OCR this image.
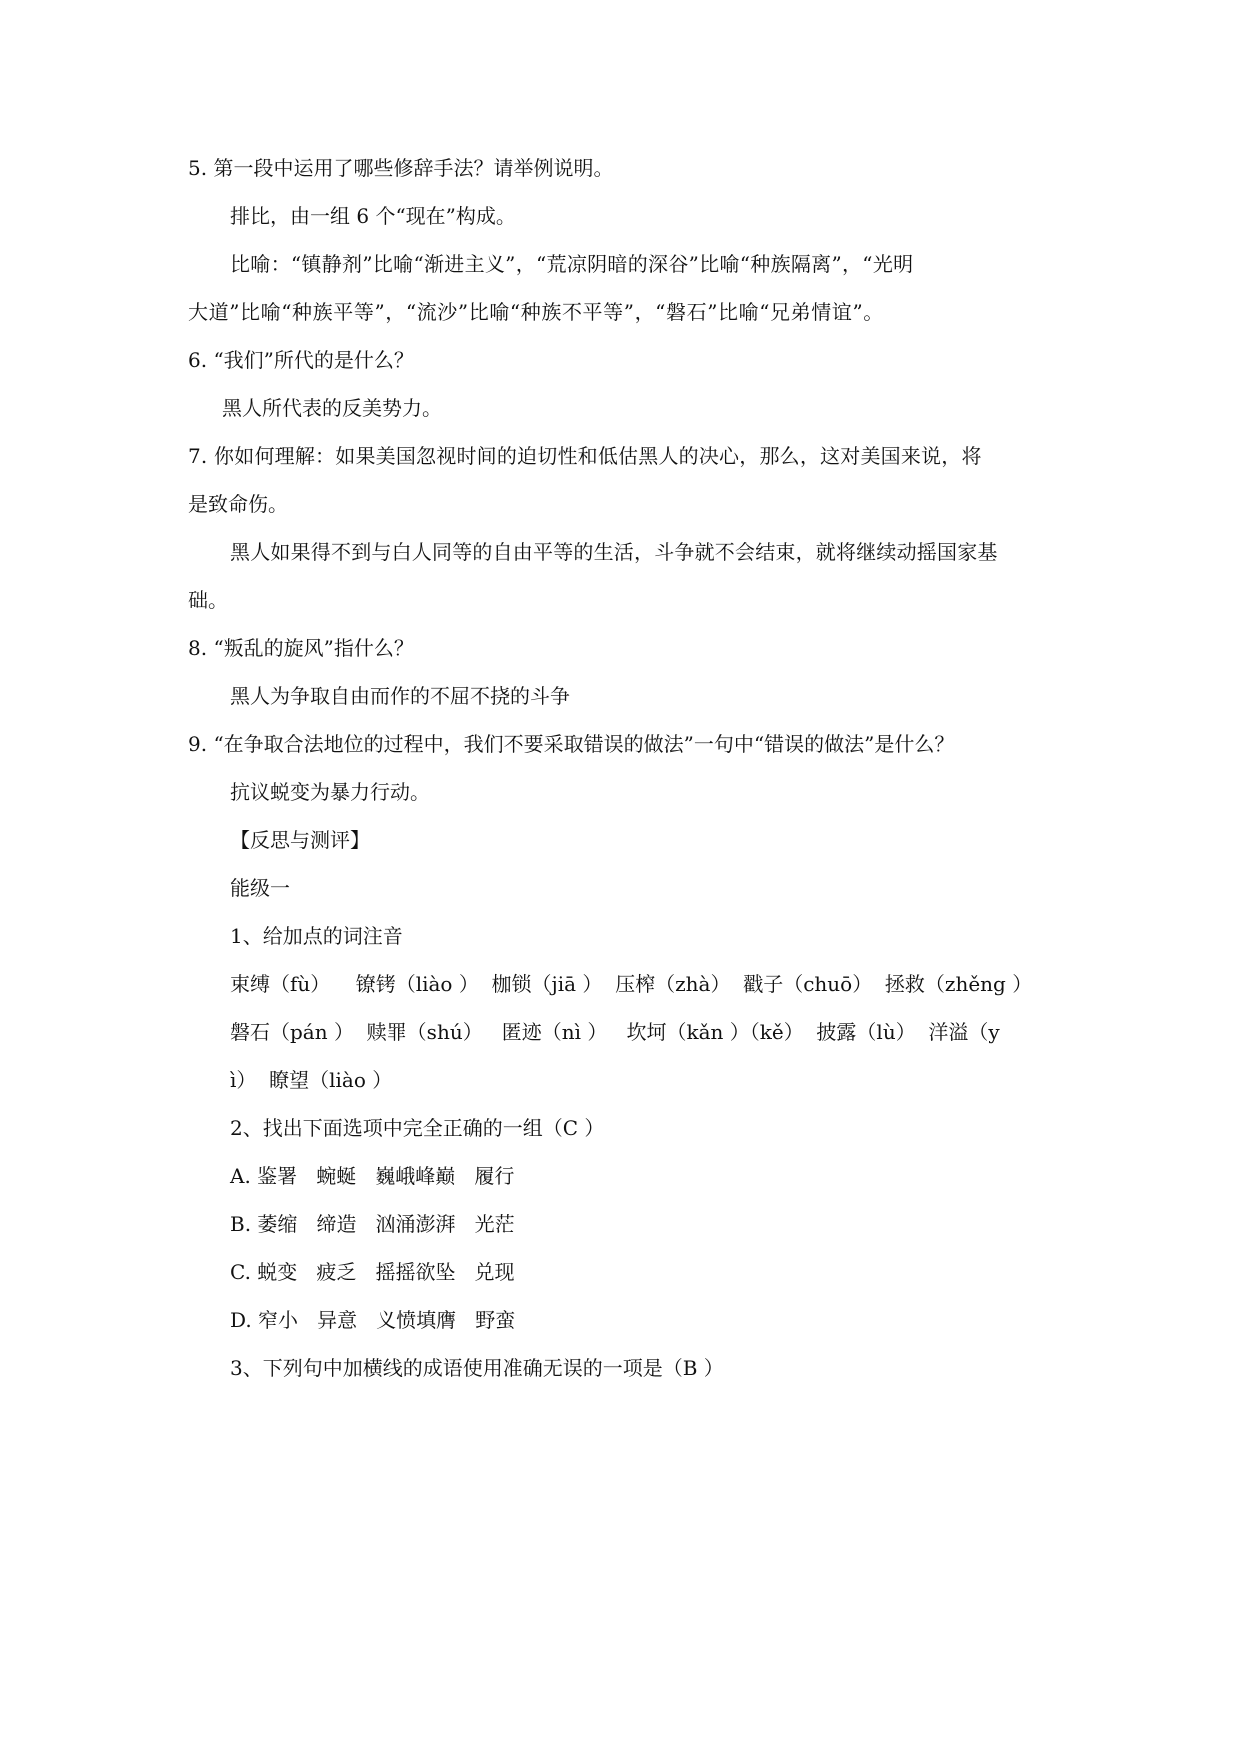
5. 第一段中运用了哪些修辞手法？请举例说明。
排比，由一组 6 个“现在”构成。
比喻：“镇静剂”比喻“渐进主义”，“荒凉阴暗的深谷”比喻“种族隔离”，“光明
大道”比喻“种族平等”，“流沙”比喻“种族不平等”，“磐石”比喻“兄弟情谊”。
6. “我们”所代的是什么？
黑人所代表的反美势力。
7. 你如何理解：如果美国忽视时间的迫切性和低估黑人的决心，那么，这对美国来说，将
是致命伤。
黑人如果得不到与白人同等的自由平等的生活，斗争就不会结束，就将继续动摇国家基
础。
8. “叛乱的旋风”指什么？
黑人为争取自由而作的不屈不挠的斗争
9. “在争取合法地位的过程中，我们不要采取错误的做法”一句中“错误的做法”是什么？
抗议蜕变为暴力行动。
【反思与测评】
能级一
1、给加点的词注音
束缚（fù）    镣铐（liào ）  枷锁（jiā ）  压榨（zhà）  戳子（chuō）  拯救（zhěng ）
磐石（pán ）  赎罪（shú）   匿迹（nì ）   坎坷（kǎn ）（kě）  披露（lù）  洋溢（y
ì）  瞭望（liào ）
2、找出下面选项中完全正确的一组（C ）
A. 鉴署   蜿蜒   巍峨峰巅   履行
B. 萎缩   缔造   汹涌澎湃   光茫
C. 蜕变   疲乏   摇摇欲坠   兑现
D. 窄小   异意   义愤填膺   野蛮
3、下列句中加横线的成语使用准确无误的一项是（B ）
